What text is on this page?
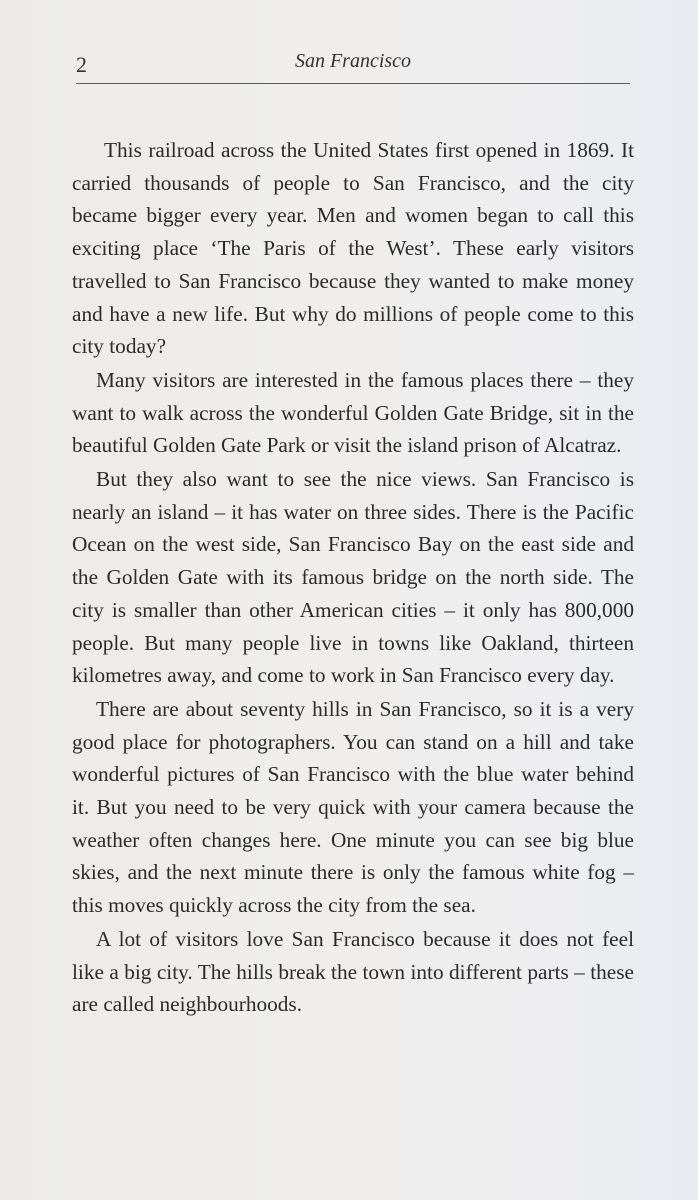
2	San Francisco

This railroad across the United States first opened in 1869. It carried thousands of people to San Francisco, and the city became bigger every year. Men and women began to call this exciting place ‘The Paris of the West’. These early visitors travelled to San Francisco because they wanted to make money and have a new life. But why do millions of people come to this city today?

Many visitors are interested in the famous places there – they want to walk across the wonderful Golden Gate Bridge, sit in the beautiful Golden Gate Park or visit the island prison of Alcatraz.

But they also want to see the nice views. San Francisco is nearly an island – it has water on three sides. There is the Pacific Ocean on the west side, San Francisco Bay on the east side and the Golden Gate with its famous bridge on the north side. The city is smaller than other American cities – it only has 800,000 people. But many people live in towns like Oakland, thirteen kilometres away, and come to work in San Francisco every day.

There are about seventy hills in San Francisco, so it is a very good place for photographers. You can stand on a hill and take wonderful pictures of San Francisco with the blue water behind it. But you need to be very quick with your camera because the weather often changes here. One minute you can see big blue skies, and the next minute there is only the famous white fog – this moves quickly across the city from the sea.

A lot of visitors love San Francisco because it does not feel like a big city. The hills break the town into different parts – these are called neighbourhoods.
